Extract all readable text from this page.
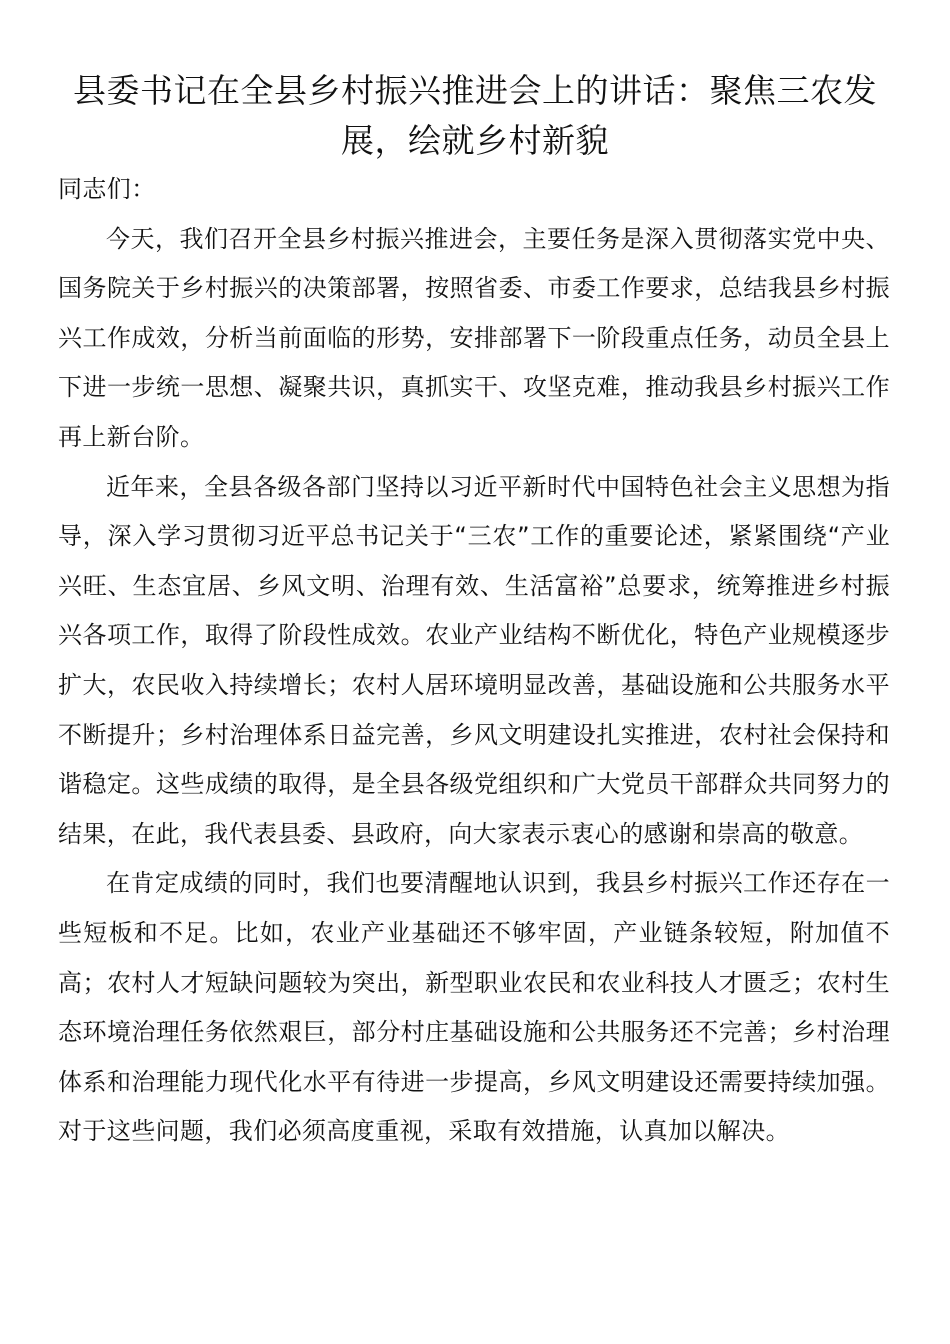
县委书记在全县乡村振兴推进会上的讲话：聚焦三农发展，绘就乡村新貌

同志们：

今天，我们召开全县乡村振兴推进会，主要任务是深入贯彻落实党中央、国务院关于乡村振兴的决策部署，按照省委、市委工作要求，总结我县乡村振兴工作成效，分析当前面临的形势，安排部署下一阶段重点任务，动员全县上下进一步统一思想、凝聚共识，真抓实干、攻坚克难，推动我县乡村振兴工作再上新台阶。

近年来，全县各级各部门坚持以习近平新时代中国特色社会主义思想为指导，深入学习贯彻习近平总书记关于“三农”工作的重要论述，紧紧围绕“产业兴旺、生态宜居、乡风文明、治理有效、生活富裕”总要求，统筹推进乡村振兴各项工作，取得了阶段性成效。农业产业结构不断优化，特色产业规模逐步扩大，农民收入持续增长；农村人居环境明显改善，基础设施和公共服务水平不断提升；乡村治理体系日益完善，乡风文明建设扎实推进，农村社会保持和谐稳定。这些成绩的取得，是全县各级党组织和广大党员干部群众共同努力的结果，在此，我代表县委、县政府，向大家表示衷心的感谢和崇高的敬意。

在肯定成绩的同时，我们也要清醒地认识到，我县乡村振兴工作还存在一些短板和不足。比如，农业产业基础还不够牢固，产业链条较短，附加值不高；农村人才短缺问题较为突出，新型职业农民和农业科技人才匮乏；农村生态环境治理任务依然艰巨，部分村庄基础设施和公共服务还不完善；乡村治理体系和治理能力现代化水平有待进一步提高，乡风文明建设还需要持续加强。对于这些问题，我们必须高度重视，采取有效措施，认真加以解决。
